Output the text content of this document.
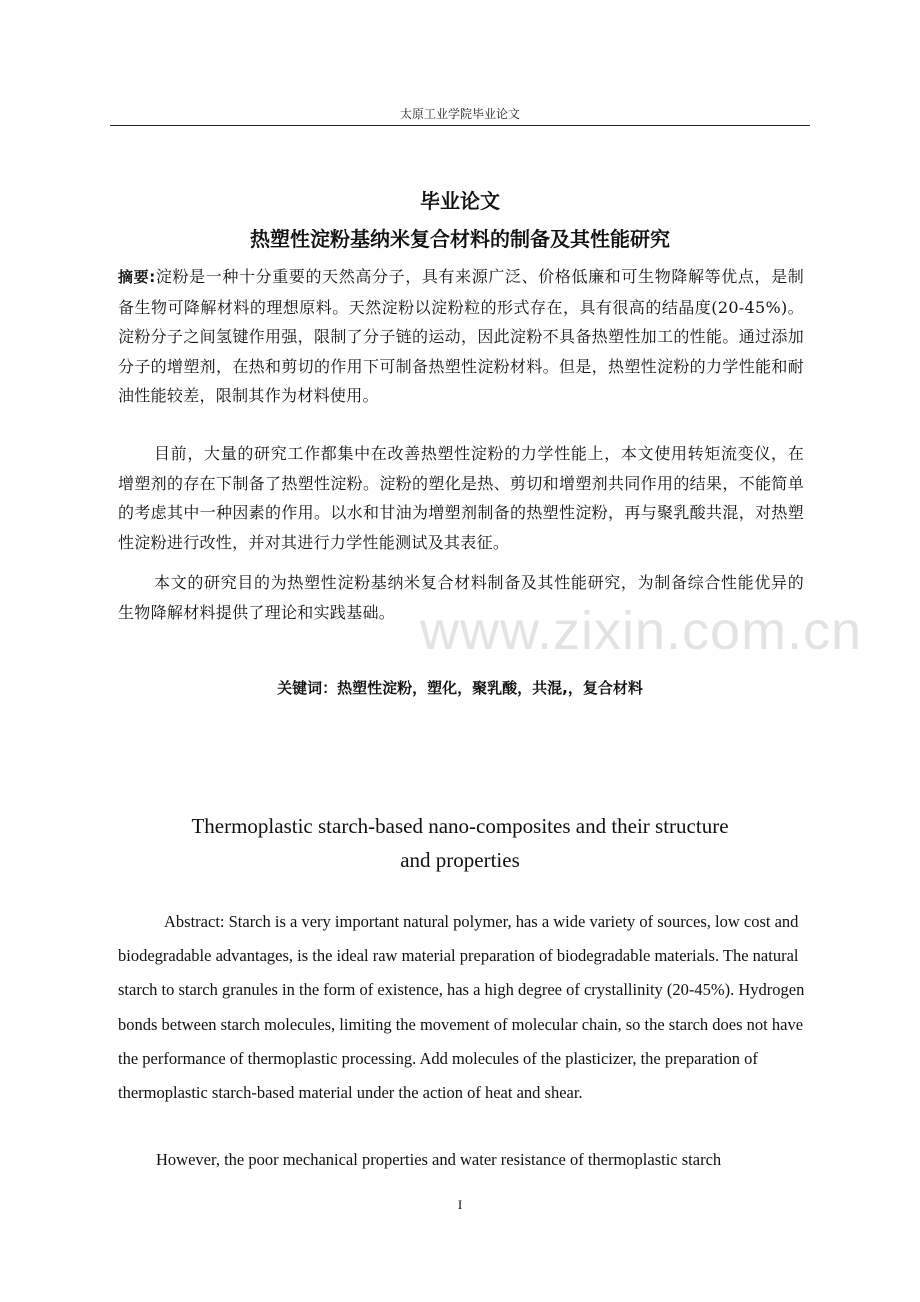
太原工业学院毕业论文
毕业论文
热塑性淀粉基纳米复合材料的制备及其性能研究
摘要:淀粉是一种十分重要的天然高分子，具有来源广泛、价格低廉和可生物降解等优点，是制备生物可降解材料的理想原料。天然淀粉以淀粉粒的形式存在，具有很高的结晶度(20-45%)。淀粉分子之间氢键作用强，限制了分子链的运动，因此淀粉不具备热塑性加工的性能。通过添加分子的增塑剂，在热和剪切的作用下可制备热塑性淀粉材料。但是，热塑性淀粉的力学性能和耐油性能较差，限制其作为材料使用。
目前，大量的研究工作都集中在改善热塑性淀粉的力学性能上，本文使用转矩流变仪，在增塑剂的存在下制备了热塑性淀粉。淀粉的塑化是热、剪切和增塑剂共同作用的结果，不能简单的考虑其中一种因素的作用。以水和甘油为增塑剂制备的热塑性淀粉，再与聚乳酸共混，对热塑性淀粉进行改性，并对其进行力学性能测试及其表征。
本文的研究目的为热塑性淀粉基纳米复合材料制备及其性能研究，为制备综合性能优异的生物降解材料提供了理论和实践基础。 www.zixin.com.cn
关键词：热塑性淀粉，塑化，聚乳酸，共混,，复合材料
Thermoplastic starch-based nano-composites and their structure
and properties
Abstract: Starch is a very important natural polymer, has a wide variety of sources, low cost and biodegradable advantages, is the ideal raw material preparation of biodegradable materials. The natural starch to starch granules in the form of existence, has a high degree of crystallinity (20-45%). Hydrogen bonds between starch molecules, limiting the movement of molecular chain, so the starch does not have the performance of thermoplastic processing. Add molecules of the plasticizer, the preparation of thermoplastic starch-based material under the action of heat and shear.
However, the poor mechanical properties and water resistance of thermoplastic starch
I
